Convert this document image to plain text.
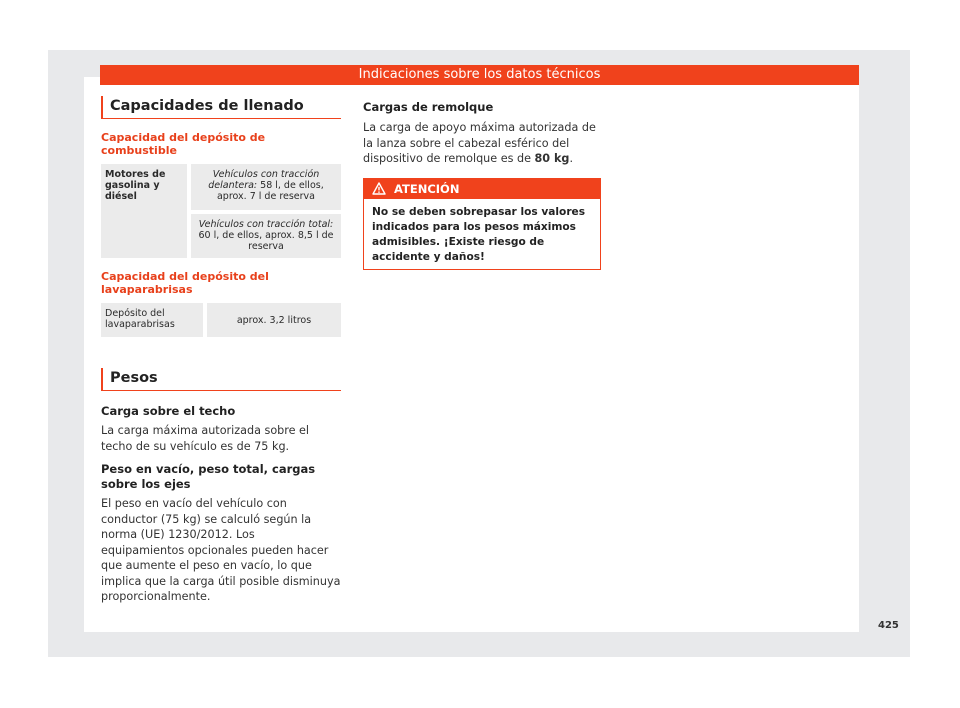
Indicaciones sobre los datos técnicos
Capacidades de llenado

Capacidad del depósito de combustible

Motores de gasolina y diésel	Vehículos con tracción delantera: 58 l, de ellos, aprox. 7 l de reserva
Vehículos con tracción total:
60 l, de ellos, aprox. 8,5 l de reserva

Capacidad del depósito del lavaparabrisas

Depósito del lavaparabrisas	aprox. 3,2 litros
Pesos

Carga sobre el techo

La carga máxima autorizada sobre el techo de su vehículo es de 75 kg.

Peso en vacío, peso total, cargas sobre los ejes

El peso en vacío del vehículo con conductor (75 kg) se calculó según la norma (UE) 1230/2012. Los equipamientos opcionales pueden hacer que aumente el peso en vacío, lo que implica que la carga útil posible disminuya proporcionalmente.

Cargas de remolque

La carga de apoyo máxima autorizada de la lanza sobre el cabezal esférico del dispositivo de remolque es de 80 kg.

ATENCIÓN
No se deben sobrepasar los valores indicados para los pesos máximos admisibles. ¡Existe riesgo de accidente y daños!
425
